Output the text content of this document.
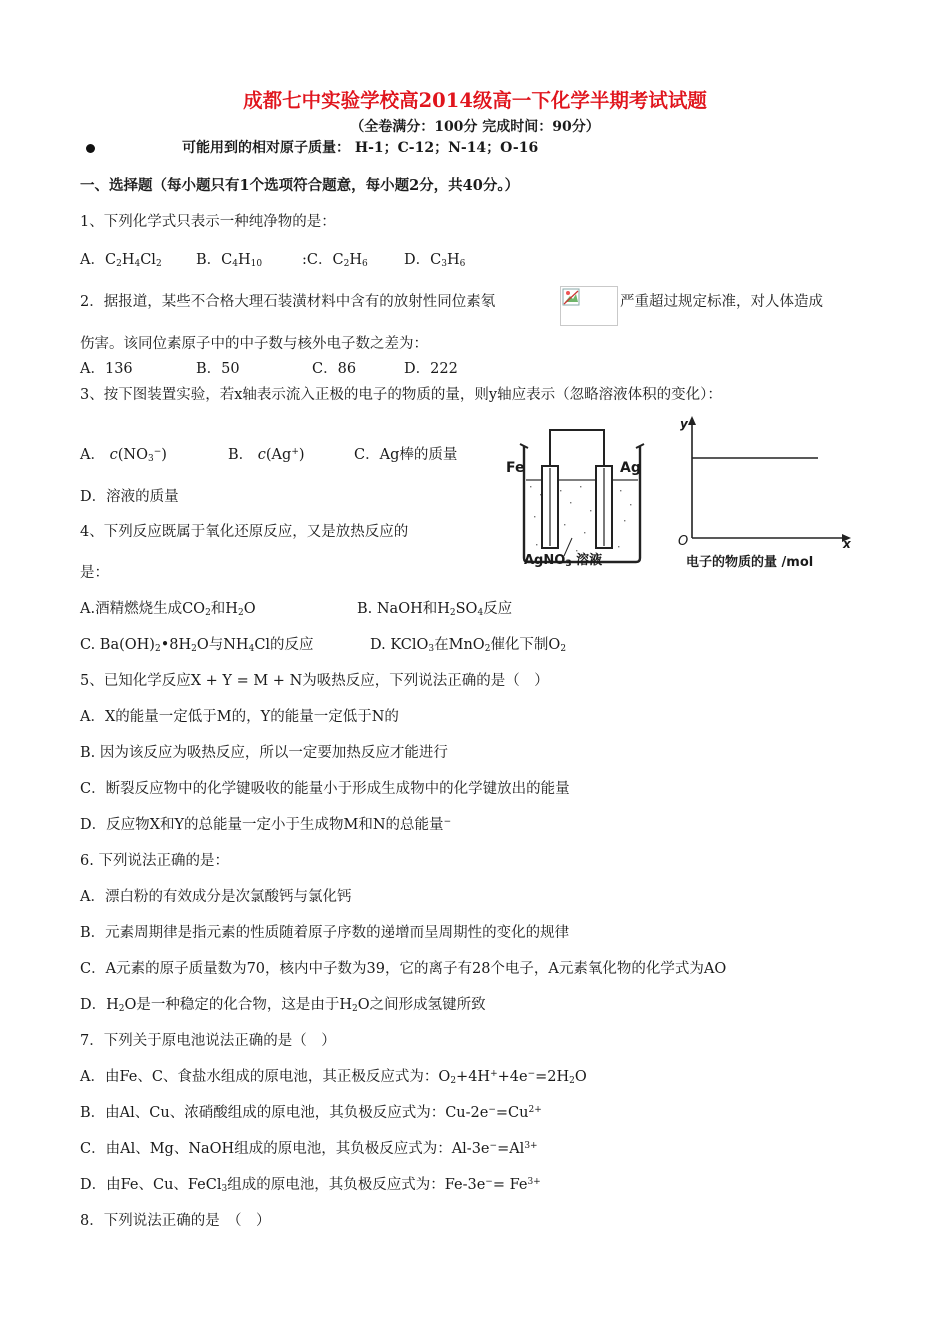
成都七中实验学校高2014级高一下化学半期考试试题
（全卷满分：100分 完成时间：90分）
可能用到的相对原子质量： H-1；C-12；N-14；O-16
一、选择题（每小题只有1个选项符合题意，每小题2分，共40分。）
1、下列化学式只表示一种纯净物的是：
A．$C_2H_4Cl_2$ B．$C_4H_{10}$	:C．$C_2H_6$	D．$C_3H_6$
2．据报道，某些不合格大理石装潢材料中含有的放射性同位素氡	严重超过规定标准，对人体造成
伤害。该同位素原子中的中子数与核外电子数之差为：
A．136	B．50	C．86	D．222
3、按下图装置实验，若x轴表示流入正极的电子的物质的量，则y轴应表示（忽略溶液体积的变化）：
A． $c(NO_3^-)$	B． c(Ag+)	C．Ag棒的质量
D．溶液的质量
Fe	Ag
AgNO$_3$ 溶液
y
O	x
电子的物质的量 /mol
4、下列反应既属于氧化还原反应，又是放热反应的
是：
A.酒精燃烧生成$CO_2$和$H_2O$	B. NaOH和$H_2SO_4$反应
C. $Ba(OH)_2•8H_2O$与$NH_4Cl$的反应	D. KClO$_3$在MnO$_2$催化下制$O_2$
5、已知化学反应X + Y = M + N为吸热反应，下列说法正确的是（　）
A．X的能量一定低于M的，Y的能量一定低于N的
B. 因为该反应为吸热反应，所以一定要加热反应才能进行
C．断裂反应物中的化学键吸收的能量小于形成生成物中的化学键放出的能量
D．反应物X和Y的总能量一定小于生成物M和N的总能量−
6. 下列说法正确的是：
A．漂白粉的有效成分是次氯酸钙与氯化钙
B．元素周期律是指元素的性质随着原子序数的递增而呈周期性的变化的规律
C．A元素的原子质量数为70，核内中子数为39，它的离子有28个电子，A元素氧化物的化学式为AO
D．$H_2O$是一种稳定的化合物，这是由于$H_2O$之间形成氢键所致
7．下列关于原电池说法正确的是（　）
A．由Fe、C、食盐水组成的原电池，其正极反应式为：$O_2+4H^++4e^-=2H_2O$
B．由Al、Cu、浓硝酸组成的原电池，其负极反应式为：$Cu-2e^-=Cu^{2+}$
C．由Al、Mg、NaOH组成的原电池，其负极反应式为：$Al-3e^-=Al^{3+}$
D．由Fe、Cu、FeCl$_3$组成的原电池，其负极反应式为：$Fe-3e^-= Fe^{3+}$
8．下列说法正确的是　（　）
